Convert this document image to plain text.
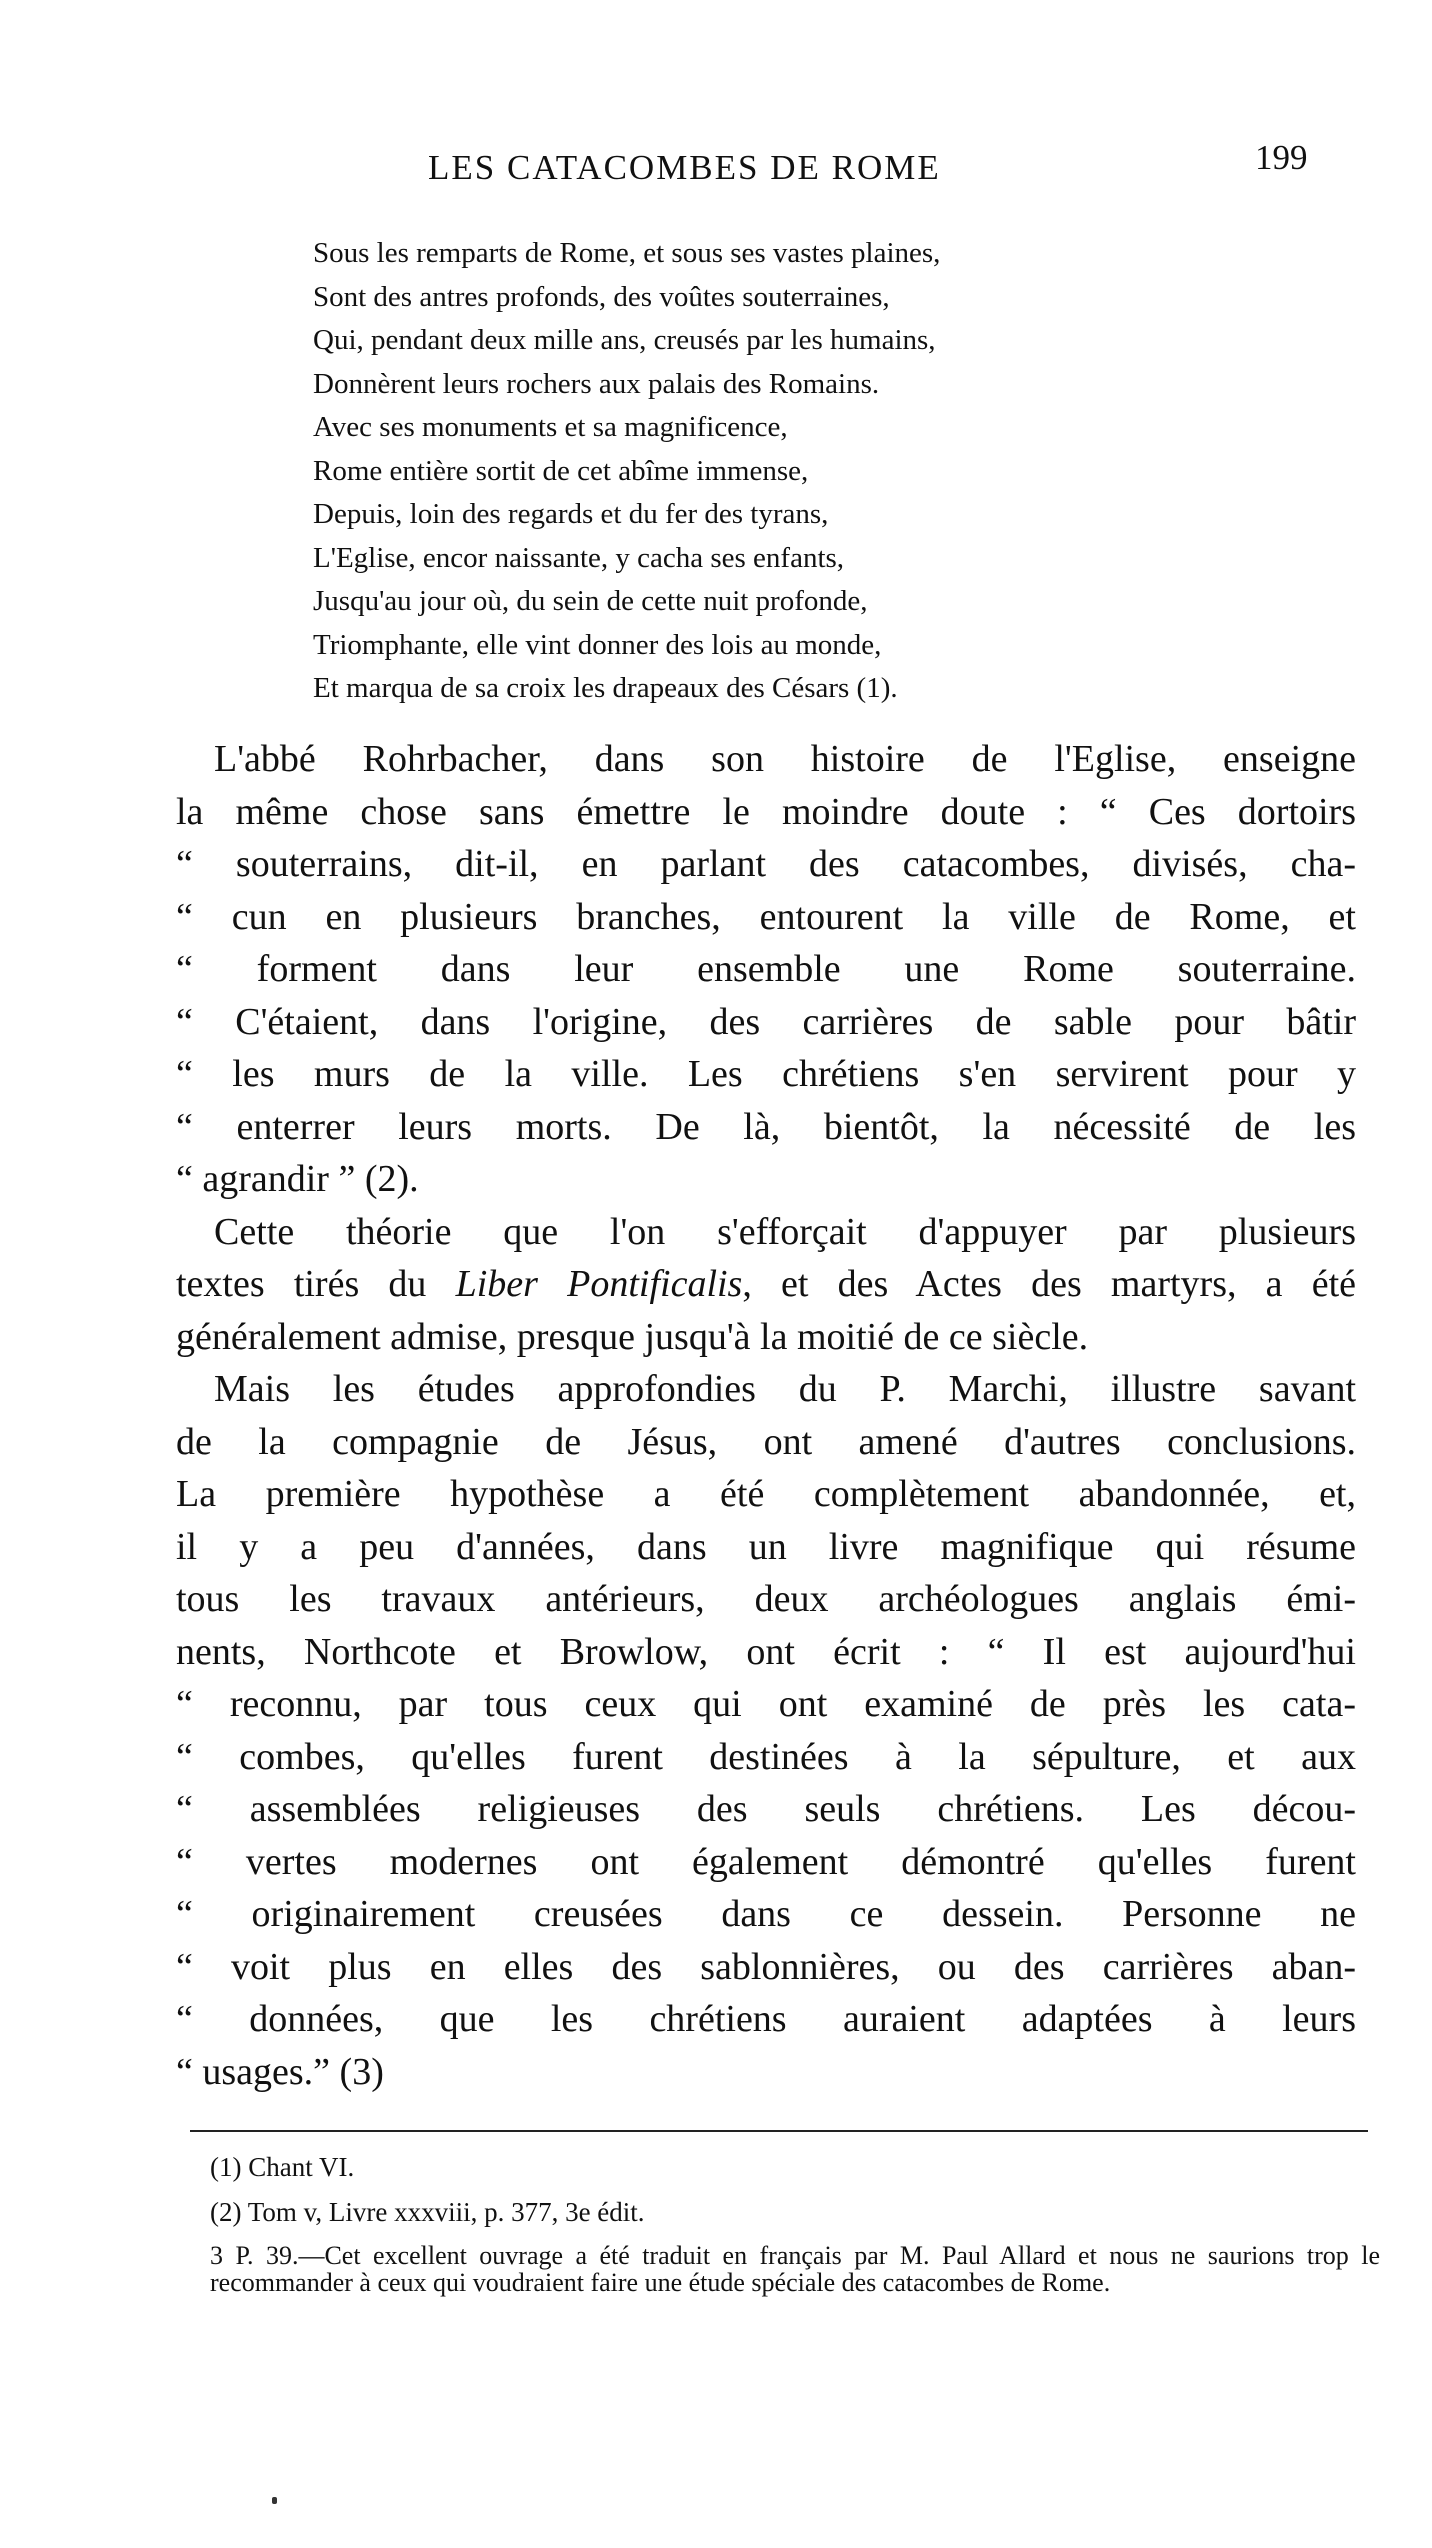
LES CATACOMBES DE ROME	199
Sous les remparts de Rome, et sous ses vastes plaines,
Sont des antres profonds, des voûtes souterraines,
Qui, pendant deux mille ans, creusés par les humains,
Donnèrent leurs rochers aux palais des Romains.
Avec ses monuments et sa magnificence,
Rome entière sortit de cet abîme immense,
Depuis, loin des regards et du fer des tyrans,
L'Eglise, encor naissante, y cacha ses enfants,
Jusqu'au jour où, du sein de cette nuit profonde,
Triomphante, elle vint donner des lois au monde,
Et marqua de sa croix les drapeaux des Césars (1).
L'abbé Rohrbacher, dans son histoire de l'Eglise, enseigne
la même chose sans émettre le moindre doute : “ Ces dortoirs
“ souterrains, dit-il, en parlant des catacombes, divisés, cha-
“ cun en plusieurs branches, entourent la ville de Rome, et
“ forment dans leur ensemble une Rome souterraine.
“ C'étaient, dans l'origine, des carrières de sable pour bâtir
“ les murs de la ville. Les chrétiens s'en servirent pour y
“ enterrer leurs morts. De là, bientôt, la nécessité de les
“ agrandir ” (2).
Cette théorie que l'on s'efforçait d'appuyer par plusieurs
textes tirés du Liber Pontificalis, et des Actes des martyrs, a été
généralement admise, presque jusqu'à la moitié de ce siècle.
Mais les études approfondies du P. Marchi, illustre savant
de la compagnie de Jésus, ont amené d'autres conclusions.
La première hypothèse a été complètement abandonnée, et,
il y a peu d'années, dans un livre magnifique qui résume
tous les travaux antérieurs, deux archéologues anglais émi-
nents, Northcote et Browlow, ont écrit : “ Il est aujourd'hui
“ reconnu, par tous ceux qui ont examiné de près les cata-
“ combes, qu'elles furent destinées à la sépulture, et aux
“ assemblées religieuses des seuls chrétiens. Les décou-
“ vertes modernes ont également démontré qu'elles furent
“ originairement creusées dans ce dessein. Personne ne
“ voit plus en elles des sablonnières, ou des carrières aban-
“ données, que les chrétiens auraient adaptées à leurs
“ usages.” (3)
(1) Chant VI.
(2) Tom v, Livre xxxviii, p. 377, 3e édit.
3 P. 39.—Cet excellent ouvrage a été traduit en français par M. Paul Allard et nous ne saurions trop le recommander à ceux qui voudraient faire une étude spéciale des catacombes de Rome.
